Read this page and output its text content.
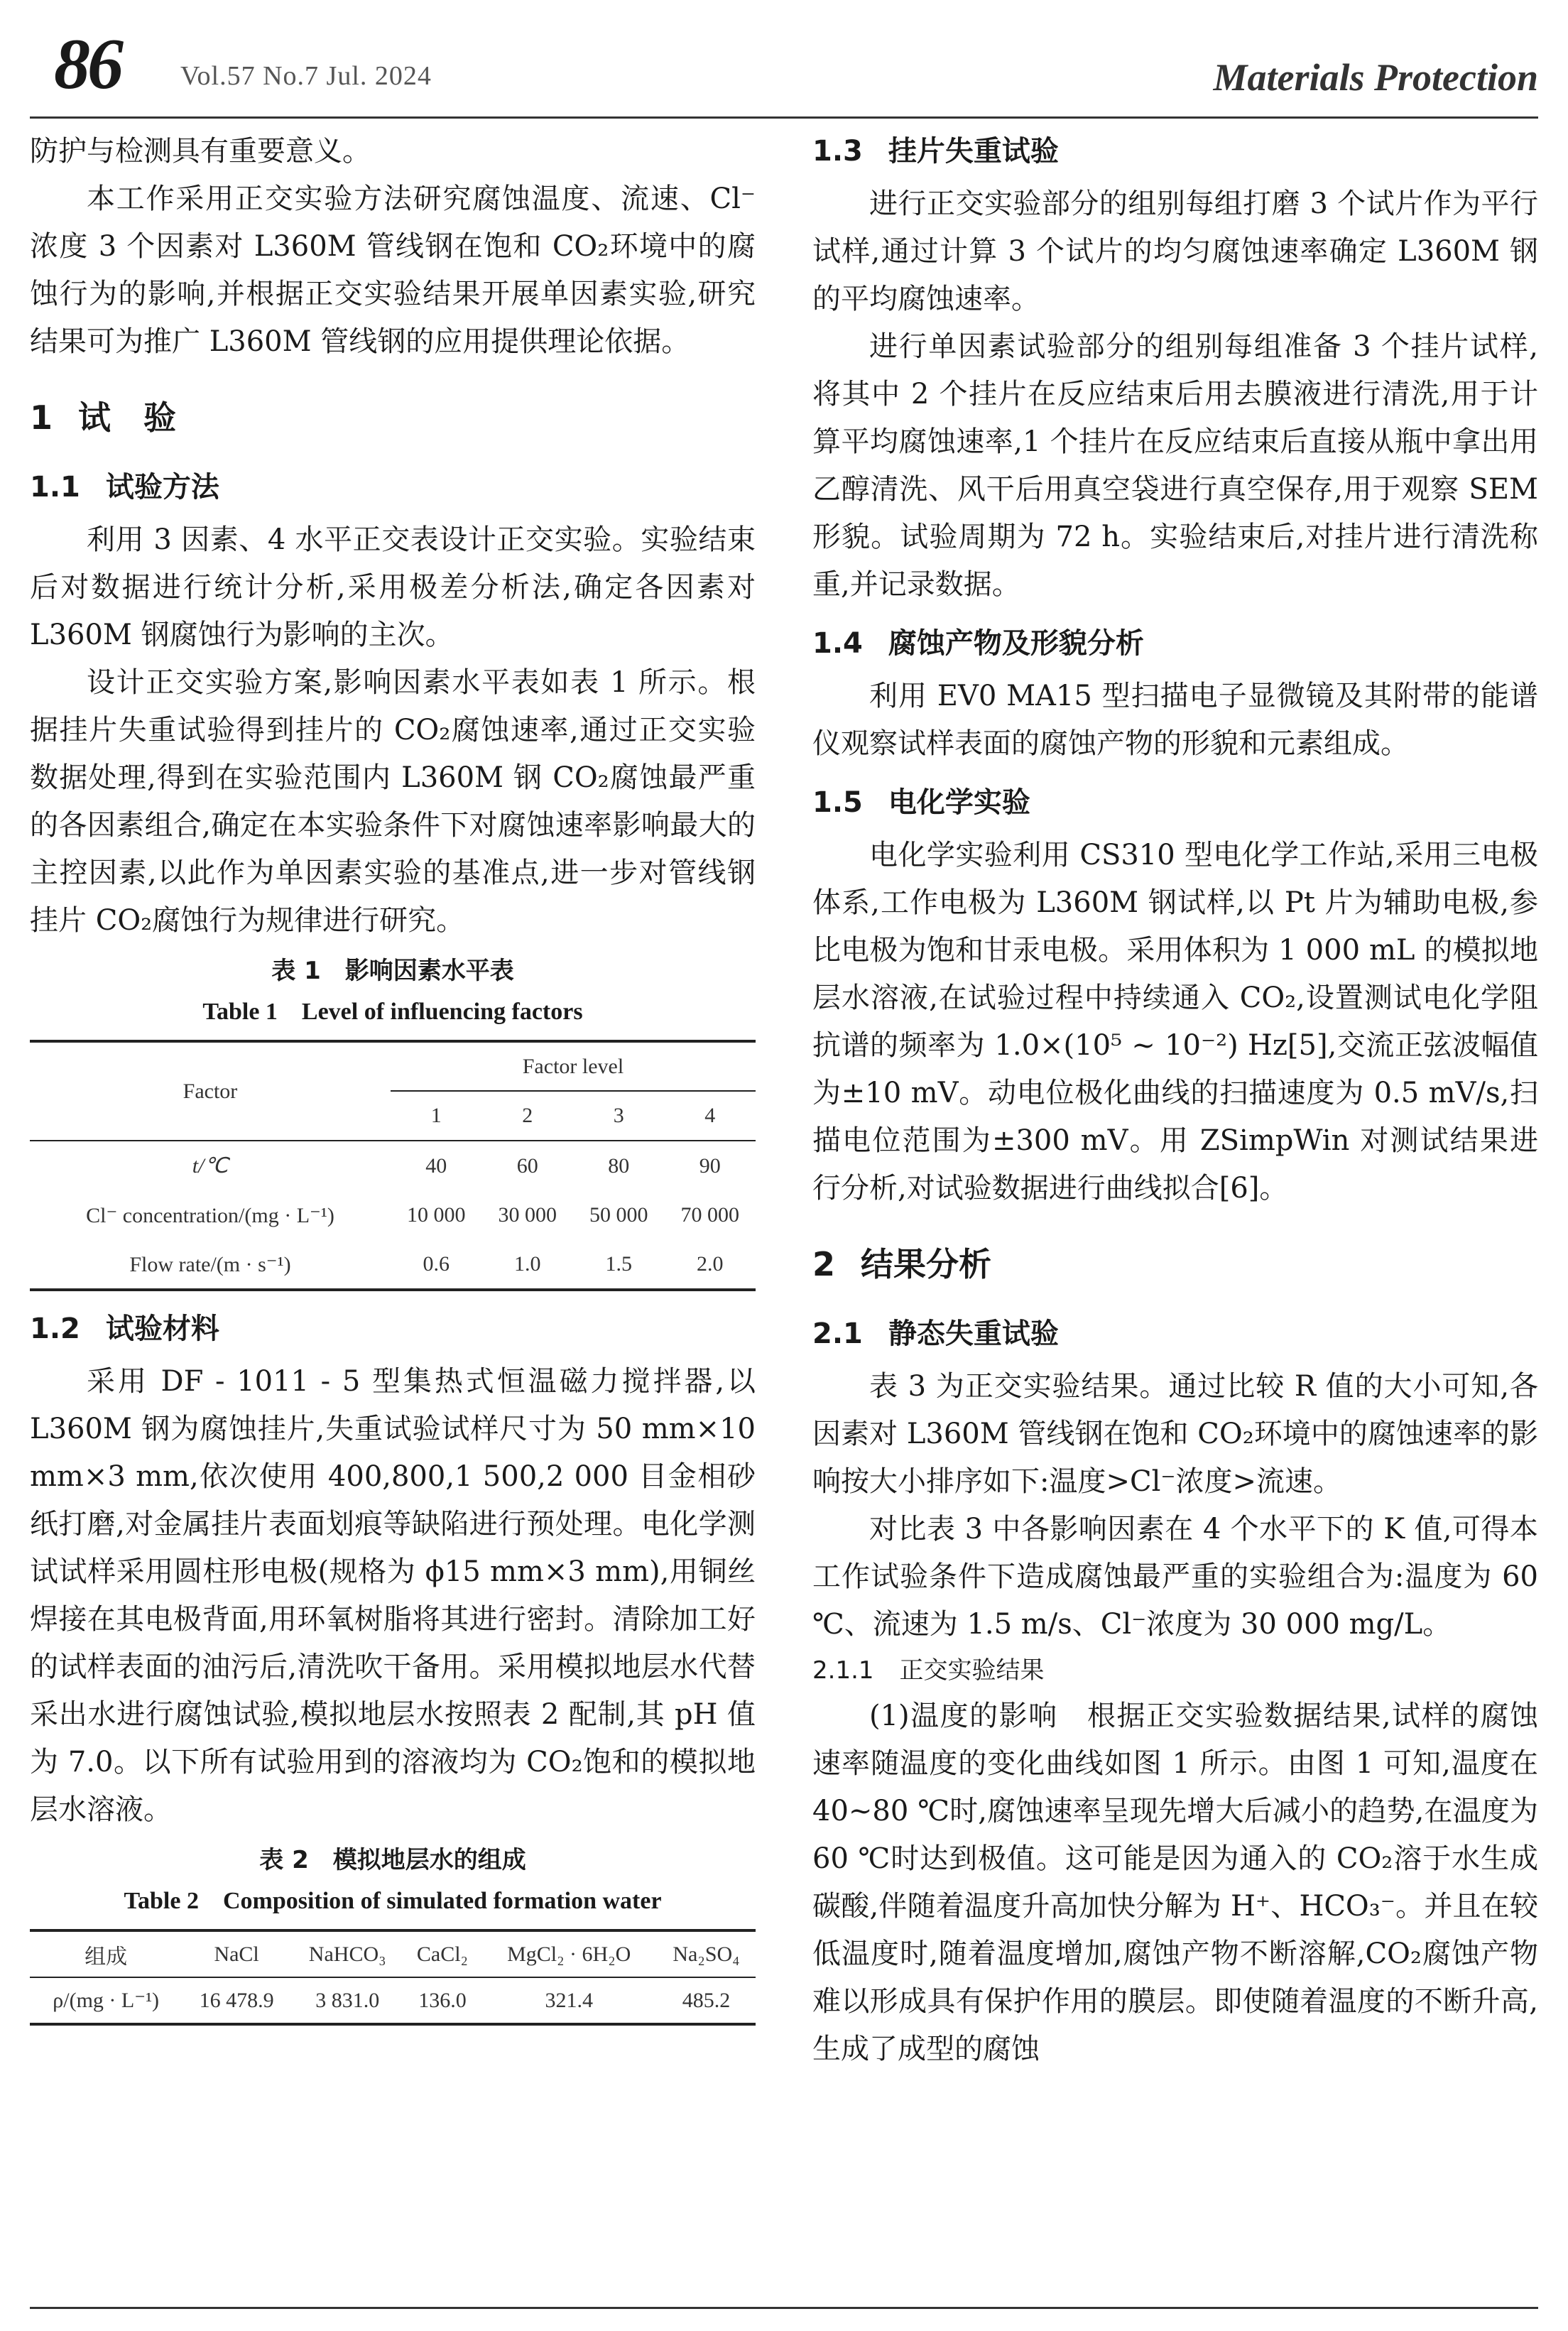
86 Vol.57 No.7 Jul. 2024	Materials Protection

防护与检测具有重要意义。

本工作采用正交实验方法研究腐蚀温度、流速、Cl⁻浓度 3 个因素对 L360M 管线钢在饱和 CO₂环境中的腐蚀行为的影响,并根据正交实验结果开展单因素实验,研究结果可为推广 L360M 管线钢的应用提供理论依据。

1 试　验
1.1 试验方法

利用 3 因素、4 水平正交表设计正交实验。实验结束后对数据进行统计分析,采用极差分析法,确定各因素对 L360M 钢腐蚀行为影响的主次。

设计正交实验方案,影响因素水平表如表 1 所示。根据挂片失重试验得到挂片的 CO₂腐蚀速率,通过正交实验数据处理,得到在实验范围内 L360M 钢 CO₂腐蚀最严重的各因素组合,确定在本实验条件下对腐蚀速率影响最大的主控因素,以此作为单因素实验的基准点,进一步对管线钢挂片 CO₂腐蚀行为规律进行研究。

表 1　影响因素水平表
Table 1　Level of influencing factors
Factor	Factor level			
	1	2	3	4
t/℃	40	60	80	90
Cl⁻ concentration/(mg · L⁻¹)	10 000	30 000	50 000	70 000
Flow rate/(m · s⁻¹)	0.6	1.0	1.5	2.0
1.2 试验材料

采用 DF - 1011 - 5 型集热式恒温磁力搅拌器,以 L360M 钢为腐蚀挂片,失重试验试样尺寸为 50 mm×10 mm×3 mm,依次使用 400,800,1 500,2 000 目金相砂纸打磨,对金属挂片表面划痕等缺陷进行预处理。电化学测试试样采用圆柱形电极(规格为 ϕ15 mm×3 mm),用铜丝焊接在其电极背面,用环氧树脂将其进行密封。清除加工好的试样表面的油污后,清洗吹干备用。采用模拟地层水代替采出水进行腐蚀试验,模拟地层水按照表 2 配制,其 pH 值为 7.0。以下所有试验用到的溶液均为 CO₂饱和的模拟地层水溶液。

表 2　模拟地层水的组成
Table 2　Composition of simulated formation water
组成	NaCl	NaHCO₃	CaCl₂	MgCl₂ · 6H₂O	Na₂SO₄
ρ/(mg · L⁻¹)	16 478.9	3 831.0	136.0	321.4	485.2
1.3 挂片失重试验

进行正交实验部分的组别每组打磨 3 个试片作为平行试样,通过计算 3 个试片的均匀腐蚀速率确定 L360M 钢的平均腐蚀速率。

进行单因素试验部分的组别每组准备 3 个挂片试样,将其中 2 个挂片在反应结束后用去膜液进行清洗,用于计算平均腐蚀速率,1 个挂片在反应结束后直接从瓶中拿出用乙醇清洗、风干后用真空袋进行真空保存,用于观察 SEM 形貌。试验周期为 72 h。实验结束后,对挂片进行清洗称重,并记录数据。

1.4 腐蚀产物及形貌分析

利用 EV0 MA15 型扫描电子显微镜及其附带的能谱仪观察试样表面的腐蚀产物的形貌和元素组成。

1.5 电化学实验

电化学实验利用 CS310 型电化学工作站,采用三电极体系,工作电极为 L360M 钢试样,以 Pt 片为辅助电极,参比电极为饱和甘汞电极。采用体积为 1 000 mL 的模拟地层水溶液,在试验过程中持续通入 CO₂,设置测试电化学阻抗谱的频率为 1.0×(10⁵ ~ 10⁻²) Hz[5],交流正弦波幅值为±10 mV。动电位极化曲线的扫描速度为 0.5 mV/s,扫描电位范围为±300 mV。用 ZSimpWin 对测试结果进行分析,对试验数据进行曲线拟合[6]。

2 结果分析
2.1 静态失重试验

表 3 为正交实验结果。通过比较 R 值的大小可知,各因素对 L360M 管线钢在饱和 CO₂环境中的腐蚀速率的影响按大小排序如下:温度>Cl⁻浓度>流速。

对比表 3 中各影响因素在 4 个水平下的 K 值,可得本工作试验条件下造成腐蚀最严重的实验组合为:温度为 60 ℃、流速为 1.5 m/s、Cl⁻浓度为 30 000 mg/L。

2.1.1 正交实验结果

(1)温度的影响　根据正交实验数据结果,试样的腐蚀速率随温度的变化曲线如图 1 所示。由图 1 可知,温度在 40~80 ℃时,腐蚀速率呈现先增大后减小的趋势,在温度为 60 ℃时达到极值。这可能是因为通入的 CO₂溶于水生成碳酸,伴随着温度升高加快分解为 H⁺、HCO₃⁻。并且在较低温度时,随着温度增加,腐蚀产物不断溶解,CO₂腐蚀产物难以形成具有保护作用的膜层。即使随着温度的不断升高,生成了成型的腐蚀
